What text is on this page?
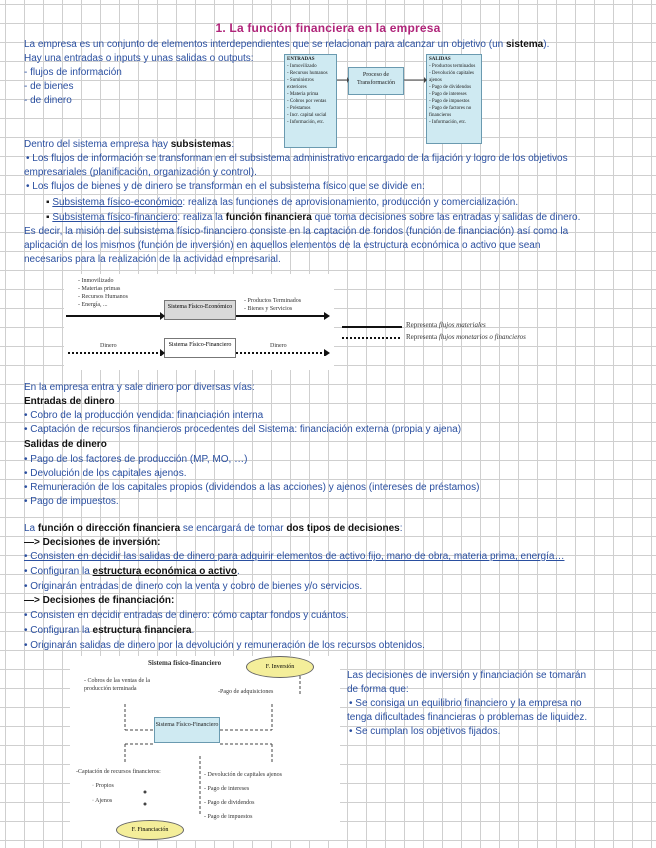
1. La función financiera en la empresa
La empresa es un conjunto de elementos interdependientes que se relacionan para alcanzar un objetivo (un sistema).
Hay una entradas o inputs y unas salidas o outputs:
- flujos de información
- de bienes
- de dinero
ENTRADAS
- Inmovilizado
- Recursos humanos
- Suministros exteriores
- Materia prima
- Cobros por ventas
- Préstamos
- Incr. capital social
- Información, etc.
Proceso de Transformación
SALIDAS
- Productos terminados
- Devolución capitales ajenos
- Pago de dividendos
- Pago de intereses
- Pago de impuestos
- Pago de factores no financieros
- Información, etc.
Dentro del sistema empresa hay subsistemas:
• Los flujos de información se transforman en el subsistema administrativo encargado de la fijación y logro de los objetivos
empresariales (planificación, organización y control).
• Los flujos de bienes y de dinero se transforman en el subsistema físico que se divide en:
▪ Subsistema físico-económico: realiza las funciones de aprovisionamiento, producción y comercialización.
▪ Subsistema físico-financiero: realiza la función financiera que toma decisiones sobre las entradas y salidas de dinero.
Es decir, la misión del subsistema físico-financiero consiste en la captación de fondos (función de financiación) así como la
aplicación de los mismos (función de inversión) en aquellos elementos de la estructura económica o activo que sean
necesarios para la realización de la actividad empresarial.
- Inmovilizado
- Materias primas
- Recursos Humanos
- Energía, ...	Sistema Físico-Económico
- Productos Terminados
- Bienes y Servicios
Dinero	Sistema Físico-Financiero	Dinero
Representa flujos materiales
Representa flujos monetarios o financieros
En la empresa entra y sale dinero por diversas vías:
Entradas de dinero
• Cobro de la producción vendida: financiación interna
• Captación de recursos financieros procedentes del Sistema: financiación externa (propia y ajena)
Salidas de dinero
• Pago de los factores de producción (MP, MO, …)
• Devolución de los capitales ajenos.
• Remuneración de los capitales propios (dividendos a las acciones) y ajenos (intereses de préstamos)
• Pago de impuestos.
La función o dirección financiera se encargará de tomar dos tipos de decisiones:
—> Decisiones de inversión:
• Consisten en decidir las salidas de dinero para adquirir elementos de activo fijo, mano de obra, materia prima, energía…
• Configuran la estructura económica o activo.
• Originarán entradas de dinero con la venta y cobro de bienes y/o servicios.
—> Decisiones de financiación:
• Consisten en decidir entradas de dinero: cómo captar fondos y cuántos.
• Configuran la estructura financiera.
• Originarán salidas de dinero por la devolución y remuneración de los recursos obtenidos.
Sistema físico-financiero	F. Inversión
- Cobros de las ventas de la
producción terminada	-Pago de adquisiciones
Sistema Físico-Financiero
-Captación de recursos financieros:
· Propios
· Ajenos
- Devolución de capitales ajenos
- Pago de intereses
- Pago de dividendos
- Pago de impuestos
F. Financiación
Las decisiones de inversión y financiación se tomarán
de forma que:
• Se consiga un equilibrio financiero y la empresa no
tenga dificultades financieras o problemas de liquidez.
• Se cumplan los objetivos fijados.
